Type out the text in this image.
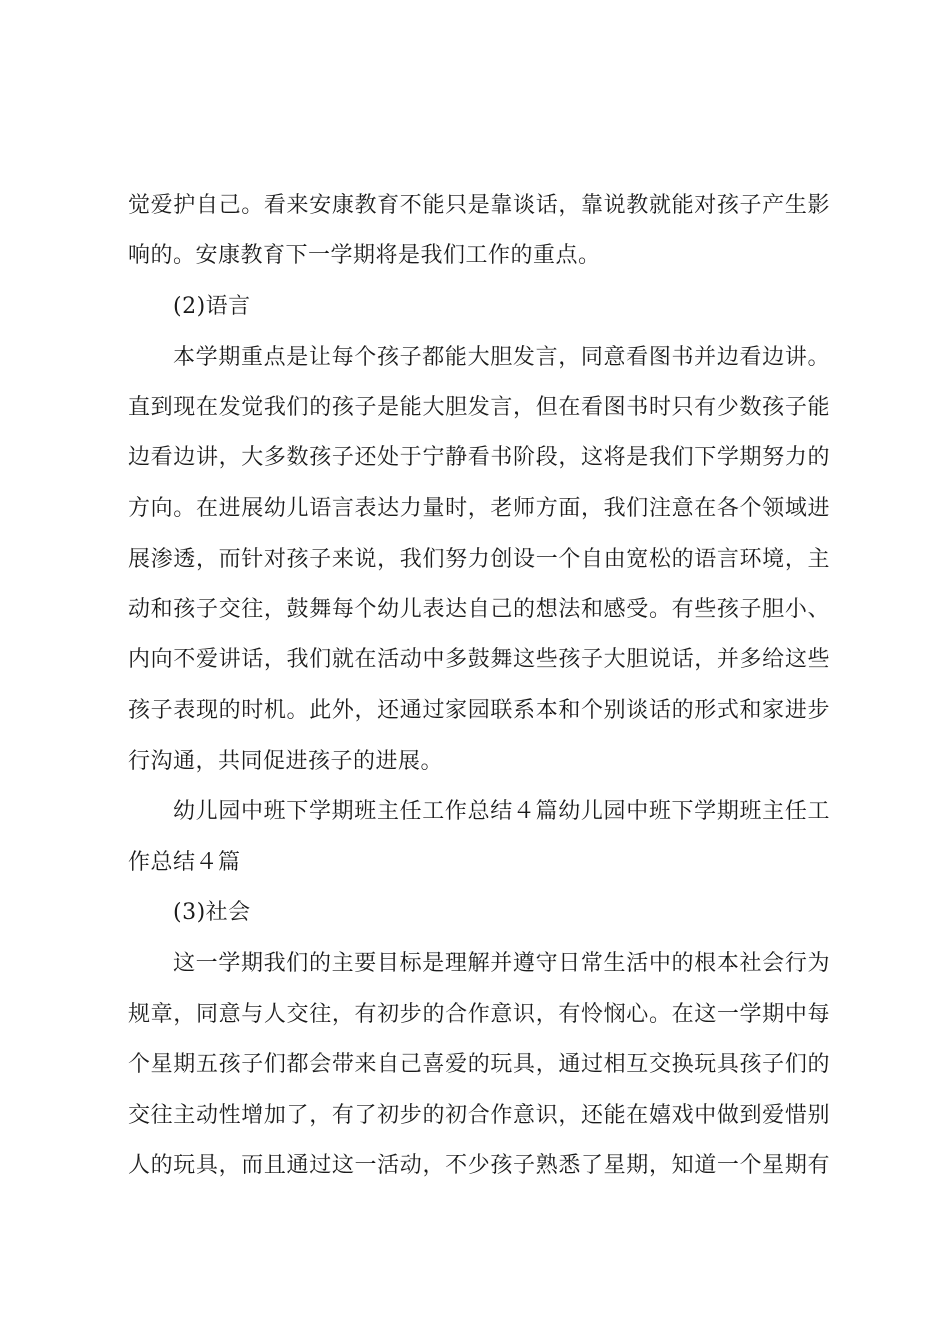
觉爱护自己。看来安康教育不能只是靠谈话，靠说教就能对孩子产生影
响的。安康教育下一学期将是我们工作的重点。
(2)语言
本学期重点是让每个孩子都能大胆发言，同意看图书并边看边讲。
直到现在发觉我们的孩子是能大胆发言，但在看图书时只有少数孩子能
边看边讲，大多数孩子还处于宁静看书阶段，这将是我们下学期努力的
方向。在进展幼儿语言表达力量时，老师方面，我们注意在各个领域进
展渗透，而针对孩子来说，我们努力创设一个自由宽松的语言环境，主
动和孩子交往，鼓舞每个幼儿表达自己的想法和感受。有些孩子胆小、
内向不爱讲话，我们就在活动中多鼓舞这些孩子大胆说话，并多给这些
孩子表现的时机。此外，还通过家园联系本和个别谈话的形式和家进步
行沟通，共同促进孩子的进展。
幼儿园中班下学期班主任工作总结４篇幼儿园中班下学期班主任工
作总结４篇
(3)社会
这一学期我们的主要目标是理解并遵守日常生活中的根本社会行为
规章，同意与人交往，有初步的合作意识，有怜悯心。在这一学期中每
个星期五孩子们都会带来自己喜爱的玩具，通过相互交换玩具孩子们的
交往主动性增加了，有了初步的初合作意识，还能在嬉戏中做到爱惜别
人的玩具，而且通过这一活动，不少孩子熟悉了星期，知道一个星期有
